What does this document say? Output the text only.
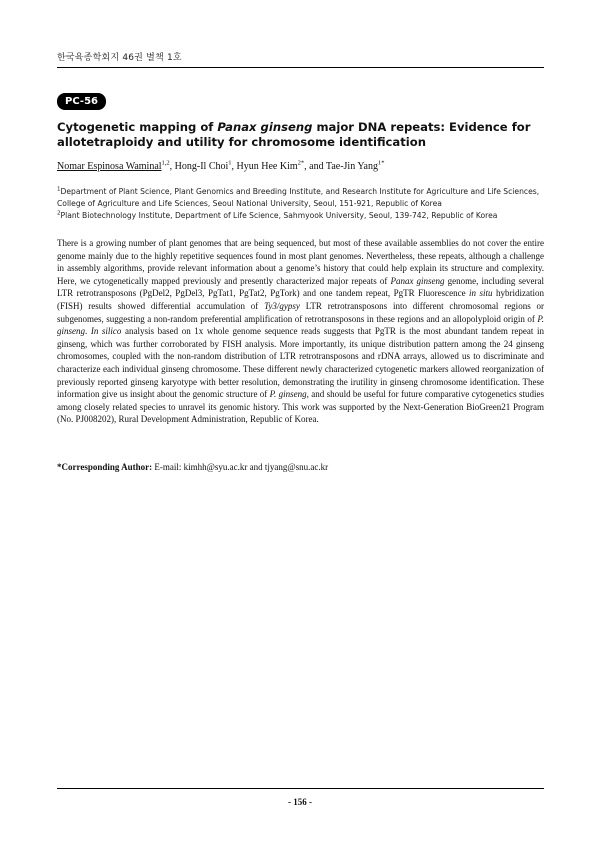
한국육종학회지 46권 별책 1호
PC-56
Cytogenetic mapping of Panax ginseng major DNA repeats: Evidence for allotetraploidy and utility for chromosome identification
Nomar Espinosa Waminal$^{1,2}$, Hong-Il Choi$^1$, Hyun Hee Kim$^{2*}$, and Tae-Jin Yang$^{1*}$
$^1$Department of Plant Science, Plant Genomics and Breeding Institute, and Research Institute for Agriculture and Life Sciences, College of Agriculture and Life Sciences, Seoul National University, Seoul, 151-921, Republic of Korea
$^2$Plant Biotechnology Institute, Department of Life Science, Sahmyook University, Seoul, 139-742, Republic of Korea

There is a growing number of plant genomes that are being sequenced, but most of these available assemblies do not cover the entire genome mainly due to the highly repetitive sequences found in most plant genomes. Nevertheless, these repeats, although a challenge in assembly algorithms, provide relevant information about a genome’s history that could help explain its structure and complexity. Here, we cytogenetically mapped previously and presently characterized major repeats of Panax ginseng genome, including several LTR retrotransposons (PgDel2, PgDel3, PgTat1, PgTat2, PgTork) and one tandem repeat, PgTR Fluorescence in situ hybridization (FISH) results showed differential accumulation of Ty3/gypsy LTR retrotransposons into different chromosomal regions or subgenomes, suggesting a non-random preferential amplification of retrotransposons in these regions and an allopolyploid origin of P. ginseng. In silico analysis based on 1x whole genome sequence reads suggests that PgTR is the most abundant tandem repeat in ginseng, which was further corroborated by FISH analysis. More importantly, its unique distribution pattern among the 24 ginseng chromosomes, coupled with the non-random distribution of LTR retrotransposons and rDNA arrays, allowed us to discriminate and characterize each individual ginseng chromosome. These different newly characterized cytogenetic markers allowed reorganization of previously reported ginseng karyotype with better resolution, demonstrating the irutility in ginseng chromosome identification. These information give us insight about the genomic structure of P. ginseng, and should be useful for future comparative cytogenetics studies among closely related species to unravel its genomic history. This work was supported by the Next-Generation BioGreen21 Program (No. PJ008202), Rural Development Administration, Republic of Korea.

*Corresponding Author: E-mail: kimhh@syu.ac.kr and tjyang@snu.ac.kr
- 156 -
